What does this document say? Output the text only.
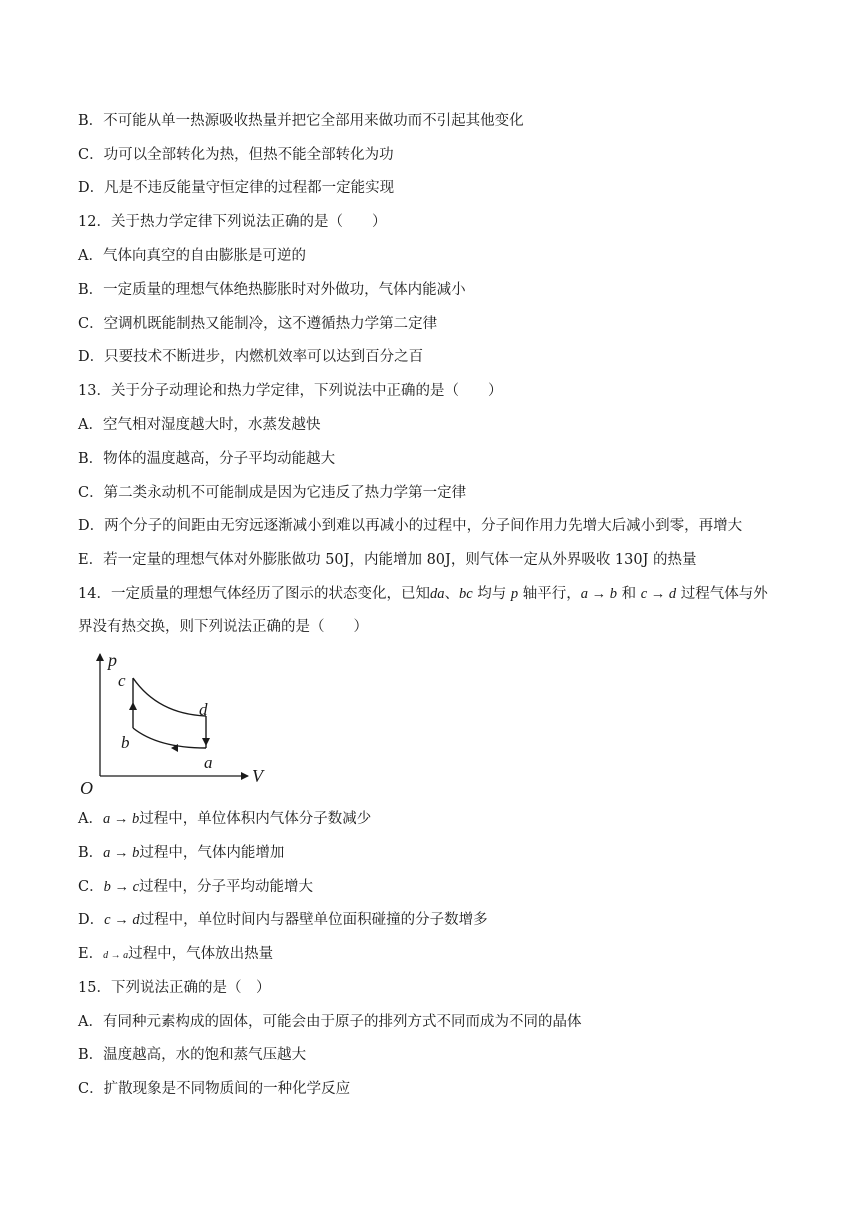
B．不可能从单一热源吸收热量并把它全部用来做功而不引起其他变化
C．功可以全部转化为热，但热不能全部转化为功
D．凡是不违反能量守恒定律的过程都一定能实现
12．关于热力学定律下列说法正确的是（　　）
A．气体向真空的自由膨胀是可逆的
B．一定质量的理想气体绝热膨胀时对外做功，气体内能减小
C．空调机既能制热又能制冷，这不遵循热力学第二定律
D．只要技术不断进步，内燃机效率可以达到百分之百
13．关于分子动理论和热力学定律，下列说法中正确的是（　　）
A．空气相对湿度越大时，水蒸发越快
B．物体的温度越高，分子平均动能越大
C．第二类永动机不可能制成是因为它违反了热力学第一定律
D．两个分子的间距由无穷远逐渐减小到难以再减小的过程中，分子间作用力先增大后减小到零，再增大
E．若一定量的理想气体对外膨胀做功 50J，内能增加 80J，则气体一定从外界吸收 130J 的热量
14．一定质量的理想气体经历了图示的状态变化，已知da、bc 均与 p 轴平行，a → b 和 c → d 过程气体与外
界没有热交换，则下列说法正确的是（　　）
p
V
O
c
d
b
a
A．a → b过程中，单位体积内气体分子数减少
B．a → b过程中，气体内能增加
C．b → c过程中，分子平均动能增大
D．c → d过程中，单位时间内与器壁单位面积碰撞的分子数增多
E．d → a过程中，气体放出热量
15．下列说法正确的是（　）
A．有同种元素构成的固体，可能会由于原子的排列方式不同而成为不同的晶体
B．温度越高，水的饱和蒸气压越大
C．扩散现象是不同物质间的一种化学反应
